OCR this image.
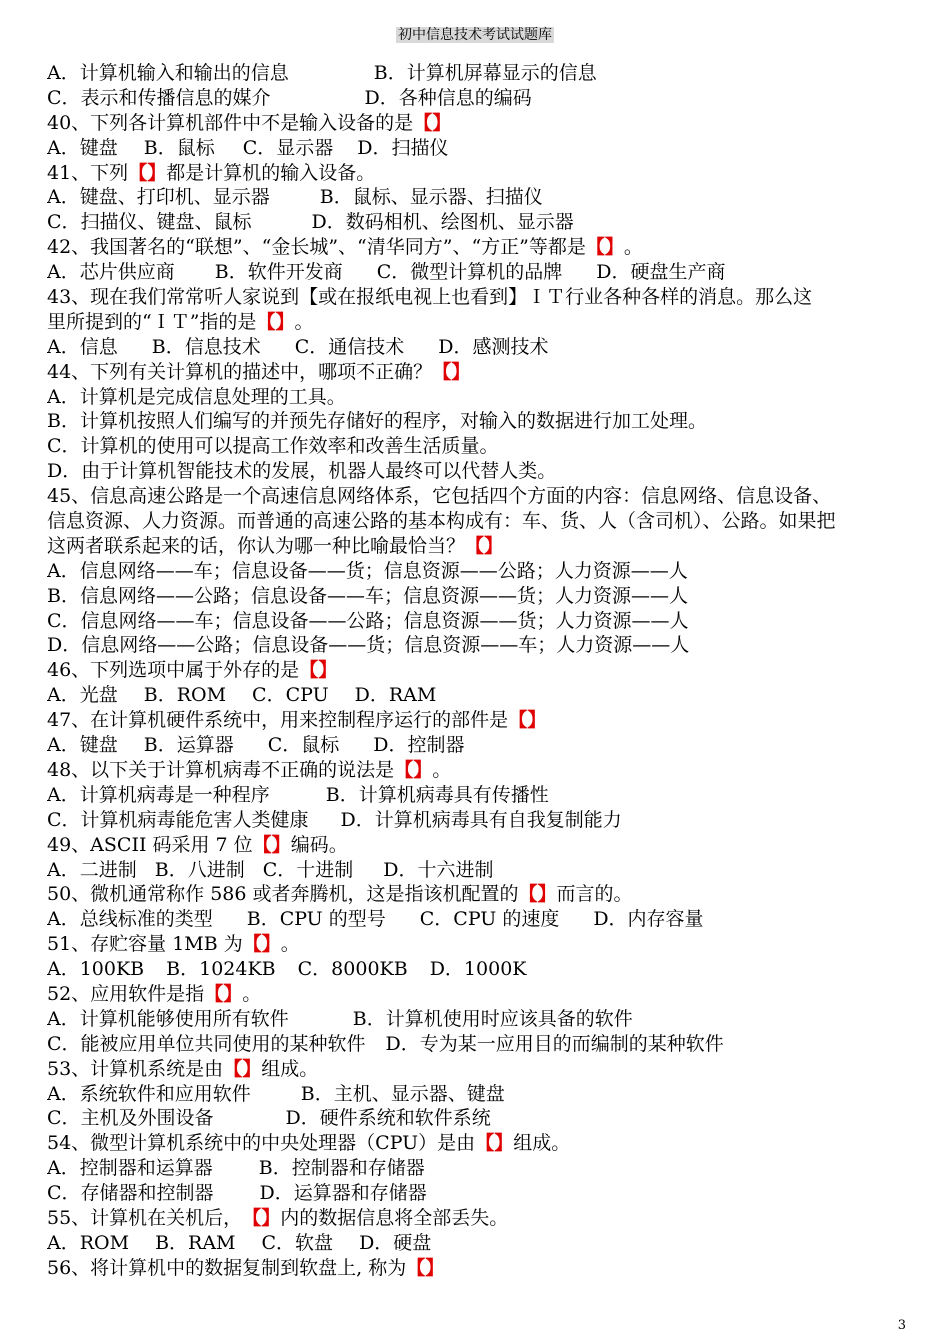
初中信息技术考试试题库
A．计算机输入和输出的信息	B．计算机屏幕显示的信息
C．表示和传播信息的媒介	D．各种信息的编码
40、下列各计算机部件中不是输入设备的是【】
A．键盘 B．鼠标 C．显示器 D．扫描仪
41、下列【】都是计算机的输入设备。
A．键盘、打印机、显示器	B．鼠标、显示器、扫描仪
C．扫描仪、键盘、鼠标	D．数码相机、绘图机、显示器
42、我国著名的“联想”、“金长城”、“清华同方”、“方正”等都是【】。
A．芯片供应商 B．软件开发商 C．微型计算机的品牌 D．硬盘生产商
43、现在我们常常听人家说到【或在报纸电视上也看到】ＩＴ行业各种各样的消息。那么这
里所提到的“ＩＴ”指的是【】。
A．信息 B．信息技术 C．通信技术 D．感测技术
44、下列有关计算机的描述中，哪项不正确？【】
A．计算机是完成信息处理的工具。
B．计算机按照人们编写的并预先存储好的程序，对输入的数据进行加工处理。
C．计算机的使用可以提高工作效率和改善生活质量。
D．由于计算机智能技术的发展，机器人最终可以代替人类。
45、信息高速公路是一个高速信息网络体系，它包括四个方面的内容：信息网络、信息设备、
信息资源、人力资源。而普通的高速公路的基本构成有：车、货、人（含司机）、公路。如果把
这两者联系起来的话，你认为哪一种比喻最恰当？【】
A．信息网络——车；信息设备——货；信息资源——公路；人力资源——人
B．信息网络——公路；信息设备——车；信息资源——货；人力资源——人
C．信息网络——车；信息设备——公路；信息资源——货；人力资源——人
D．信息网络——公路；信息设备——货；信息资源——车；人力资源——人
46、下列选项中属于外存的是【】
A．光盘 B．ROM C．CPU D．RAM
47、在计算机硬件系统中，用来控制程序运行的部件是【】
A．键盘 B．运算器 C．鼠标 D．控制器
48、以下关于计算机病毒不正确的说法是【】。
A．计算机病毒是一种程序	B．计算机病毒具有传播性
C．计算机病毒能危害人类健康 D．计算机病毒具有自我复制能力
49、ASCII 码采用 7 位【】编码。
A．二进制 B．八进制 C．十进制 D．十六进制
50、微机通常称作 586 或者奔腾机，这是指该机配置的【】而言的。
A．总线标准的类型 B．CPU 的型号 C．CPU 的速度 D．内存容量
51、存贮容量 1MB 为【】。
A．100KB B．1024KB C．8000KB D．1000K
52、应用软件是指【】。
A．计算机能够使用所有软件	B．计算机使用时应该具备的软件
C．能被应用单位共同使用的某种软件 D．专为某一应用目的而编制的某种软件
53、计算机系统是由【】组成。
A．系统软件和应用软件	B．主机、显示器、键盘
C．主机及外围设备	D．硬件系统和软件系统
54、微型计算机系统中的中央处理器（CPU）是由【】组成。
A．控制器和运算器 B．控制器和存储器
C．存储器和控制器 D．运算器和存储器
55、计算机在关机后，【】内的数据信息将全部丢失。
A．ROM B．RAM C．软盘 D．硬盘
56、将计算机中的数据复制到软盘上, 称为【】
3
